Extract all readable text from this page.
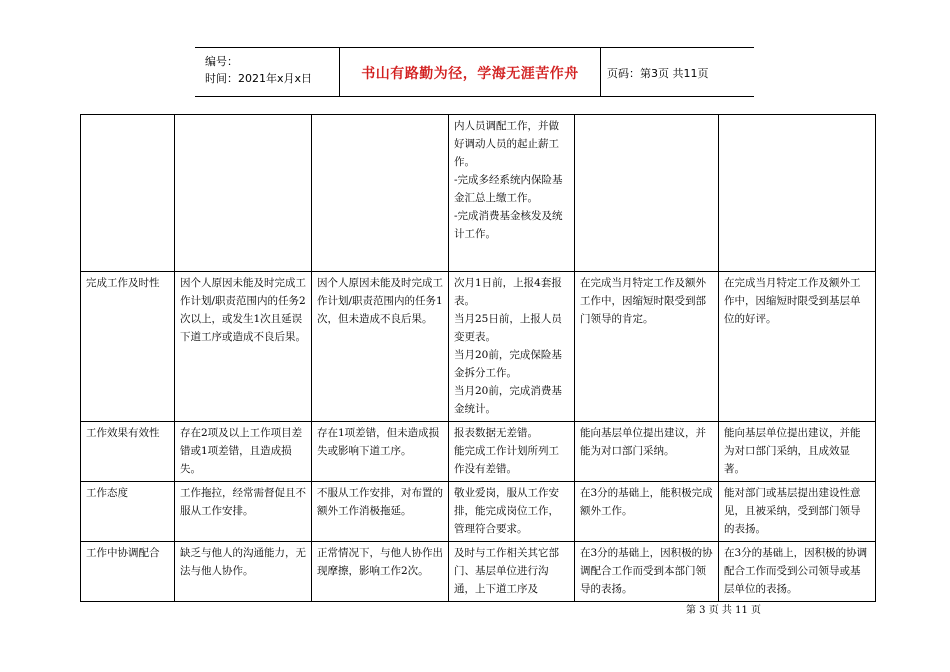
编号：
时间：2021年x月x日	书山有路勤为径，学海无涯苦作舟	页码：第3页 共11页

			内人员调配工作，并做好调动人员的起止薪工作。
-完成多经系统内保险基金汇总上缴工作。
-完成消费基金核发及统计工作。		

完成工作及时性	因个人原因未能及时完成工作计划/职责范围内的任务2次以上，或发生1次且延误下道工序或造成不良后果。	因个人原因未能及时完成工作计划/职责范围内的任务1次，但未造成不良后果。	次月1日前，上报4套报表。
当月25日前，上报人员变更表。
当月20前，完成保险基金拆分工作。
当月20前，完成消费基金统计。	在完成当月特定工作及额外工作中，因缩短时限受到部门领导的肯定。	在完成当月特定工作及额外工作中，因缩短时限受到基层单位的好评。

工作效果有效性	存在2项及以上工作项目差错或1项差错，且造成损失。	存在1项差错，但未造成损失或影响下道工序。	报表数据无差错。
能完成工作计划所列工作没有差错。	能向基层单位提出建议，并能为对口部门采纳。	能向基层单位提出建议，并能为对口部门采纳，且成效显著。

工作态度	工作拖拉，经常需督促且不服从工作安排。	不服从工作安排，对布置的额外工作消极拖延。	敬业爱岗，服从工作安排，能完成岗位工作，管理符合要求。	在3分的基础上，能积极完成额外工作。	能对部门或基层提出建设性意见，且被采纳，受到部门领导的表扬。

工作中协调配合	缺乏与他人的沟通能力，无法与他人协作。	正常情况下，与他人协作出现摩擦，影响工作2次。	及时与工作相关其它部门、基层单位进行沟通，上下道工序及	在3分的基础上，因积极的协调配合工作而受到本部门领导的表扬。	在3分的基础上，因积极的协调配合工作而受到公司领导或基层单位的表扬。
第 3 页 共 11 页
